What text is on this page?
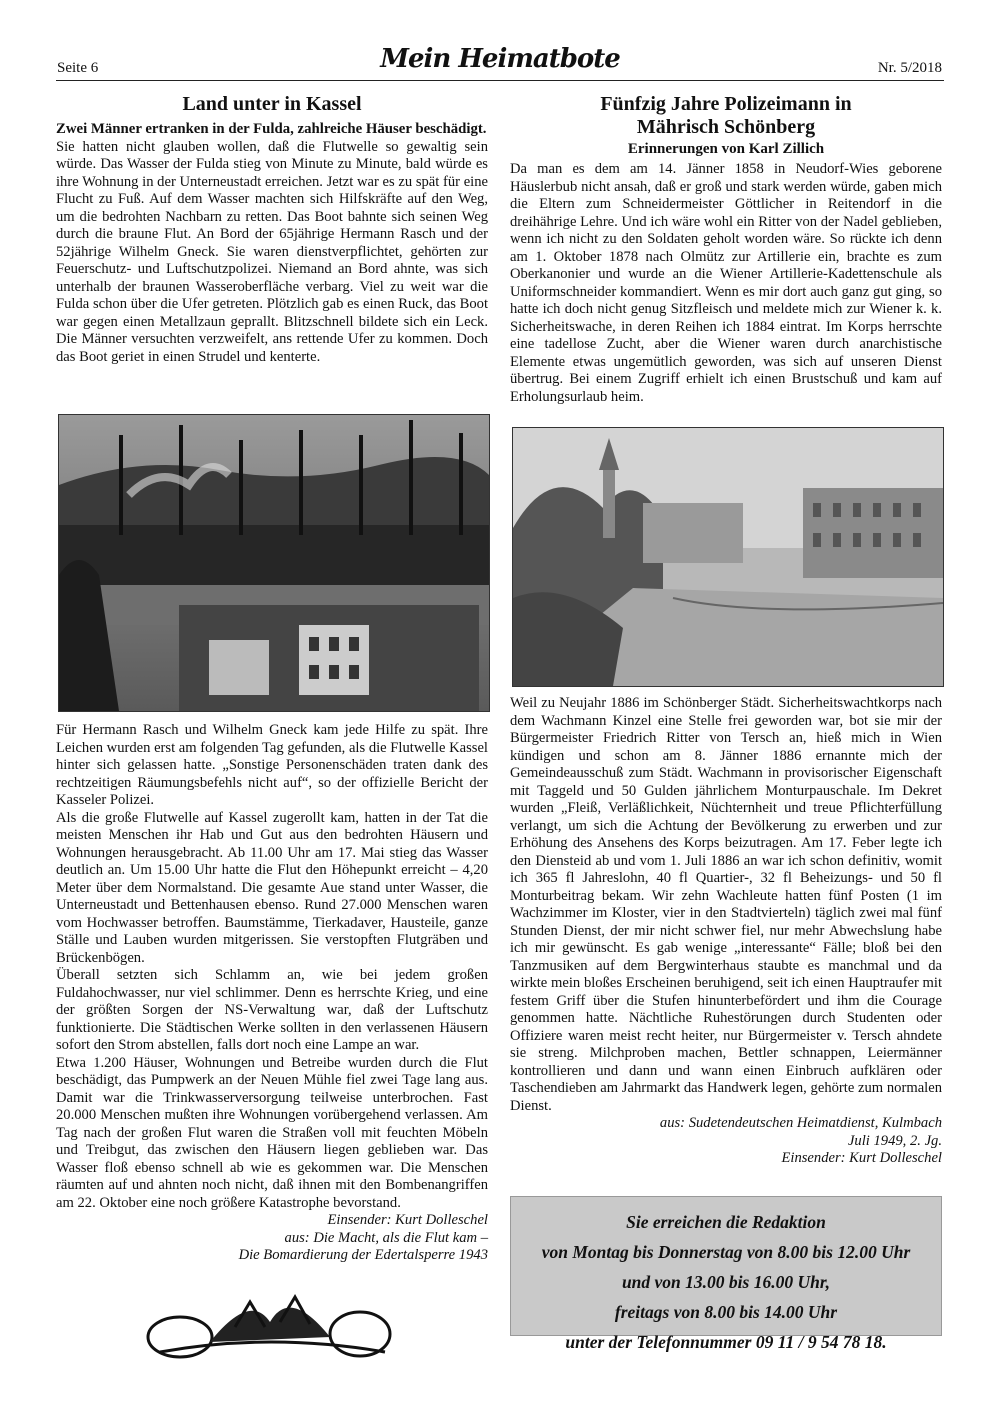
Seite 6	Mein Heimatbote	Nr. 5/2018
Land unter in Kassel

Zwei Männer ertranken in der Fulda, zahlreiche Häuser beschädigt.

Sie hatten nicht glauben wollen, daß die Flutwelle so gewaltig sein würde. Das Wasser der Fulda stieg von Minute zu Minute, bald würde es ihre Wohnung in der Unterneustadt erreichen. Jetzt war es zu spät für eine Flucht zu Fuß. Auf dem Wasser machten sich Hilfskräfte auf den Weg, um die bedrohten Nachbarn zu retten. Das Boot bahnte sich seinen Weg durch die braune Flut. An Bord der 65jährige Hermann Rasch und der 52jährige Wilhelm Gneck. Sie waren dienstverpflichtet, gehörten zur Feuerschutz- und Luftschutzpolizei. Niemand an Bord ahnte, was sich unterhalb der braunen Wasseroberfläche verbarg. Viel zu weit war die Fulda schon über die Ufer getreten. Plötzlich gab es einen Ruck, das Boot war gegen einen Metallzaun geprallt. Blitzschnell bildete sich ein Leck. Die Männer versuchten verzweifelt, ans rettende Ufer zu kommen. Doch das Boot geriet in einen Strudel und kenterte.

Für Hermann Rasch und Wilhelm Gneck kam jede Hilfe zu spät. Ihre Leichen wurden erst am folgenden Tag gefunden, als die Flutwelle Kassel hinter sich gelassen hatte. „Sonstige Personenschäden traten dank des rechtzeitigen Räumungsbefehls nicht auf“, so der offizielle Bericht der Kasseler Polizei.

Als die große Flutwelle auf Kassel zugerollt kam, hatten in der Tat die meisten Menschen ihr Hab und Gut aus den bedrohten Häusern und Wohnungen herausgebracht. Ab 11.00 Uhr am 17. Mai stieg das Wasser deutlich an. Um 15.00 Uhr hatte die Flut den Höhepunkt erreicht – 4,20 Meter über dem Normalstand. Die gesamte Aue stand unter Wasser, die Unterneustadt und Bettenhausen ebenso. Rund 27.000 Menschen waren vom Hochwasser betroffen. Baumstämme, Tierkadaver, Hausteile, ganze Ställe und Lauben wurden mitgerissen. Sie verstopften Flutgräben und Brückenbögen.

Überall setzten sich Schlamm an, wie bei jedem großen Fuldahochwasser, nur viel schlimmer. Denn es herrschte Krieg, und eine der größten Sorgen der NS-Verwaltung war, daß der Luftschutz funktionierte. Die Städtischen Werke sollten in den verlassenen Häusern sofort den Strom abstellen, falls dort noch eine Lampe an war.

Etwa 1.200 Häuser, Wohnungen und Betreibe wurden durch die Flut beschädigt, das Pumpwerk an der Neuen Mühle fiel zwei Tage lang aus. Damit war die Trinkwasserversorgung teilweise unterbrochen. Fast 20.000 Menschen mußten ihre Wohnungen vorübergehend verlassen. Am Tag nach der großen Flut waren die Straßen voll mit feuchten Möbeln und Treibgut, das zwischen den Häusern liegen geblieben war. Das Wasser floß ebenso schnell ab wie es gekommen war. Die Menschen räumten auf und ahnten noch nicht, daß ihnen mit den Bombenangriffen am 22. Oktober eine noch größere Katastrophe bevorstand.

Einsender: Kurt Dolleschel

aus: Die Macht, als die Flut kam –

Die Bomardierung der Edertalsperre 1943

Fünfzig Jahre Polizeimann in
Mährisch Schönberg
Erinnerungen von Karl Zillich

Da man es dem am 14. Jänner 1858 in Neudorf-Wies geborene Häuslerbub nicht ansah, daß er groß und stark werden würde, gaben mich die Eltern zum Schneidermeister Göttlicher in Reitendorf in die dreihährige Lehre. Und ich wäre wohl ein Ritter von der Nadel geblieben, wenn ich nicht zu den Soldaten geholt worden wäre. So rückte ich denn am 1. Oktober 1878 nach Olmütz zur Artillerie ein, brachte es zum Oberkanonier und wurde an die Wiener Artillerie-Kadettenschule als Uniformschneider kommandiert. Wenn es mir dort auch ganz gut ging, so hatte ich doch nicht genug Sitzfleisch und meldete mich zur Wiener k. k. Sicherheitswache, in deren Reihen ich 1884 eintrat. Im Korps herrschte eine tadellose Zucht, aber die Wiener waren durch anarchistische Elemente etwas ungemütlich geworden, was sich auf unseren Dienst übertrug. Bei einem Zugriff erhielt ich einen Brustschuß und kam auf Erholungsurlaub heim.

Weil zu Neujahr 1886 im Schönberger Städt. Sicherheitswachtkorps nach dem Wachmann Kinzel eine Stelle frei geworden war, bot sie mir der Bürgermeister Friedrich Ritter von Tersch an, hieß mich in Wien kündigen und schon am 8. Jänner 1886 ernannte mich der Gemeindeausschuß zum Städt. Wachmann in provisorischer Eigenschaft mit Taggeld und 50 Gulden jährlichem Monturpauschale. Im Dekret wurden „Fleiß, Verläßlichkeit, Nüchternheit und treue Pflichterfüllung verlangt, um sich die Achtung der Bevölkerung zu erwerben und zur Erhöhung des Ansehens des Korps beizutragen. Am 17. Feber legte ich den Diensteid ab und vom 1. Juli 1886 an war ich schon definitiv, womit ich 365 fl Jahreslohn, 40 fl Quartier-, 32 fl Beheizungs- und 50 fl Monturbeitrag bekam. Wir zehn Wachleute hatten fünf Posten (1 im Wachzimmer im Kloster, vier in den Stadtvierteln) täglich zwei mal fünf Stunden Dienst, der mir nicht schwer fiel, nur mehr Abwechslung habe ich mir gewünscht. Es gab wenige „interessante“ Fälle; bloß bei den Tanzmusiken auf dem Bergwinterhaus staubte es manchmal und da wirkte mein bloßes Erscheinen beruhigend, seit ich einen Hauptraufer mit festem Griff über die Stufen hinunterbefördert und ihm die Courage genommen hatte. Nächtliche Ruhestörungen durch Studenten oder Offiziere waren meist recht heiter, nur Bürgermeister v. Tersch ahndete sie streng. Milchproben machen, Bettler schnappen, Leiermänner kontrollieren und dann und wann einen Einbruch aufklären oder Taschendieben am Jahrmarkt das Handwerk legen, gehörte zum normalen Dienst.

aus: Sudetendeutschen Heimatdienst, Kulmbach

Juli 1949, 2. Jg.

Einsender: Kurt Dolleschel

Sie erreichen die Redaktion
von Montag bis Donnerstag von 8.00 bis 12.00 Uhr
und von 13.00 bis 16.00 Uhr,
freitags von 8.00 bis 14.00 Uhr
unter der Telefonnummer 09 11 / 9 54 78 18.
